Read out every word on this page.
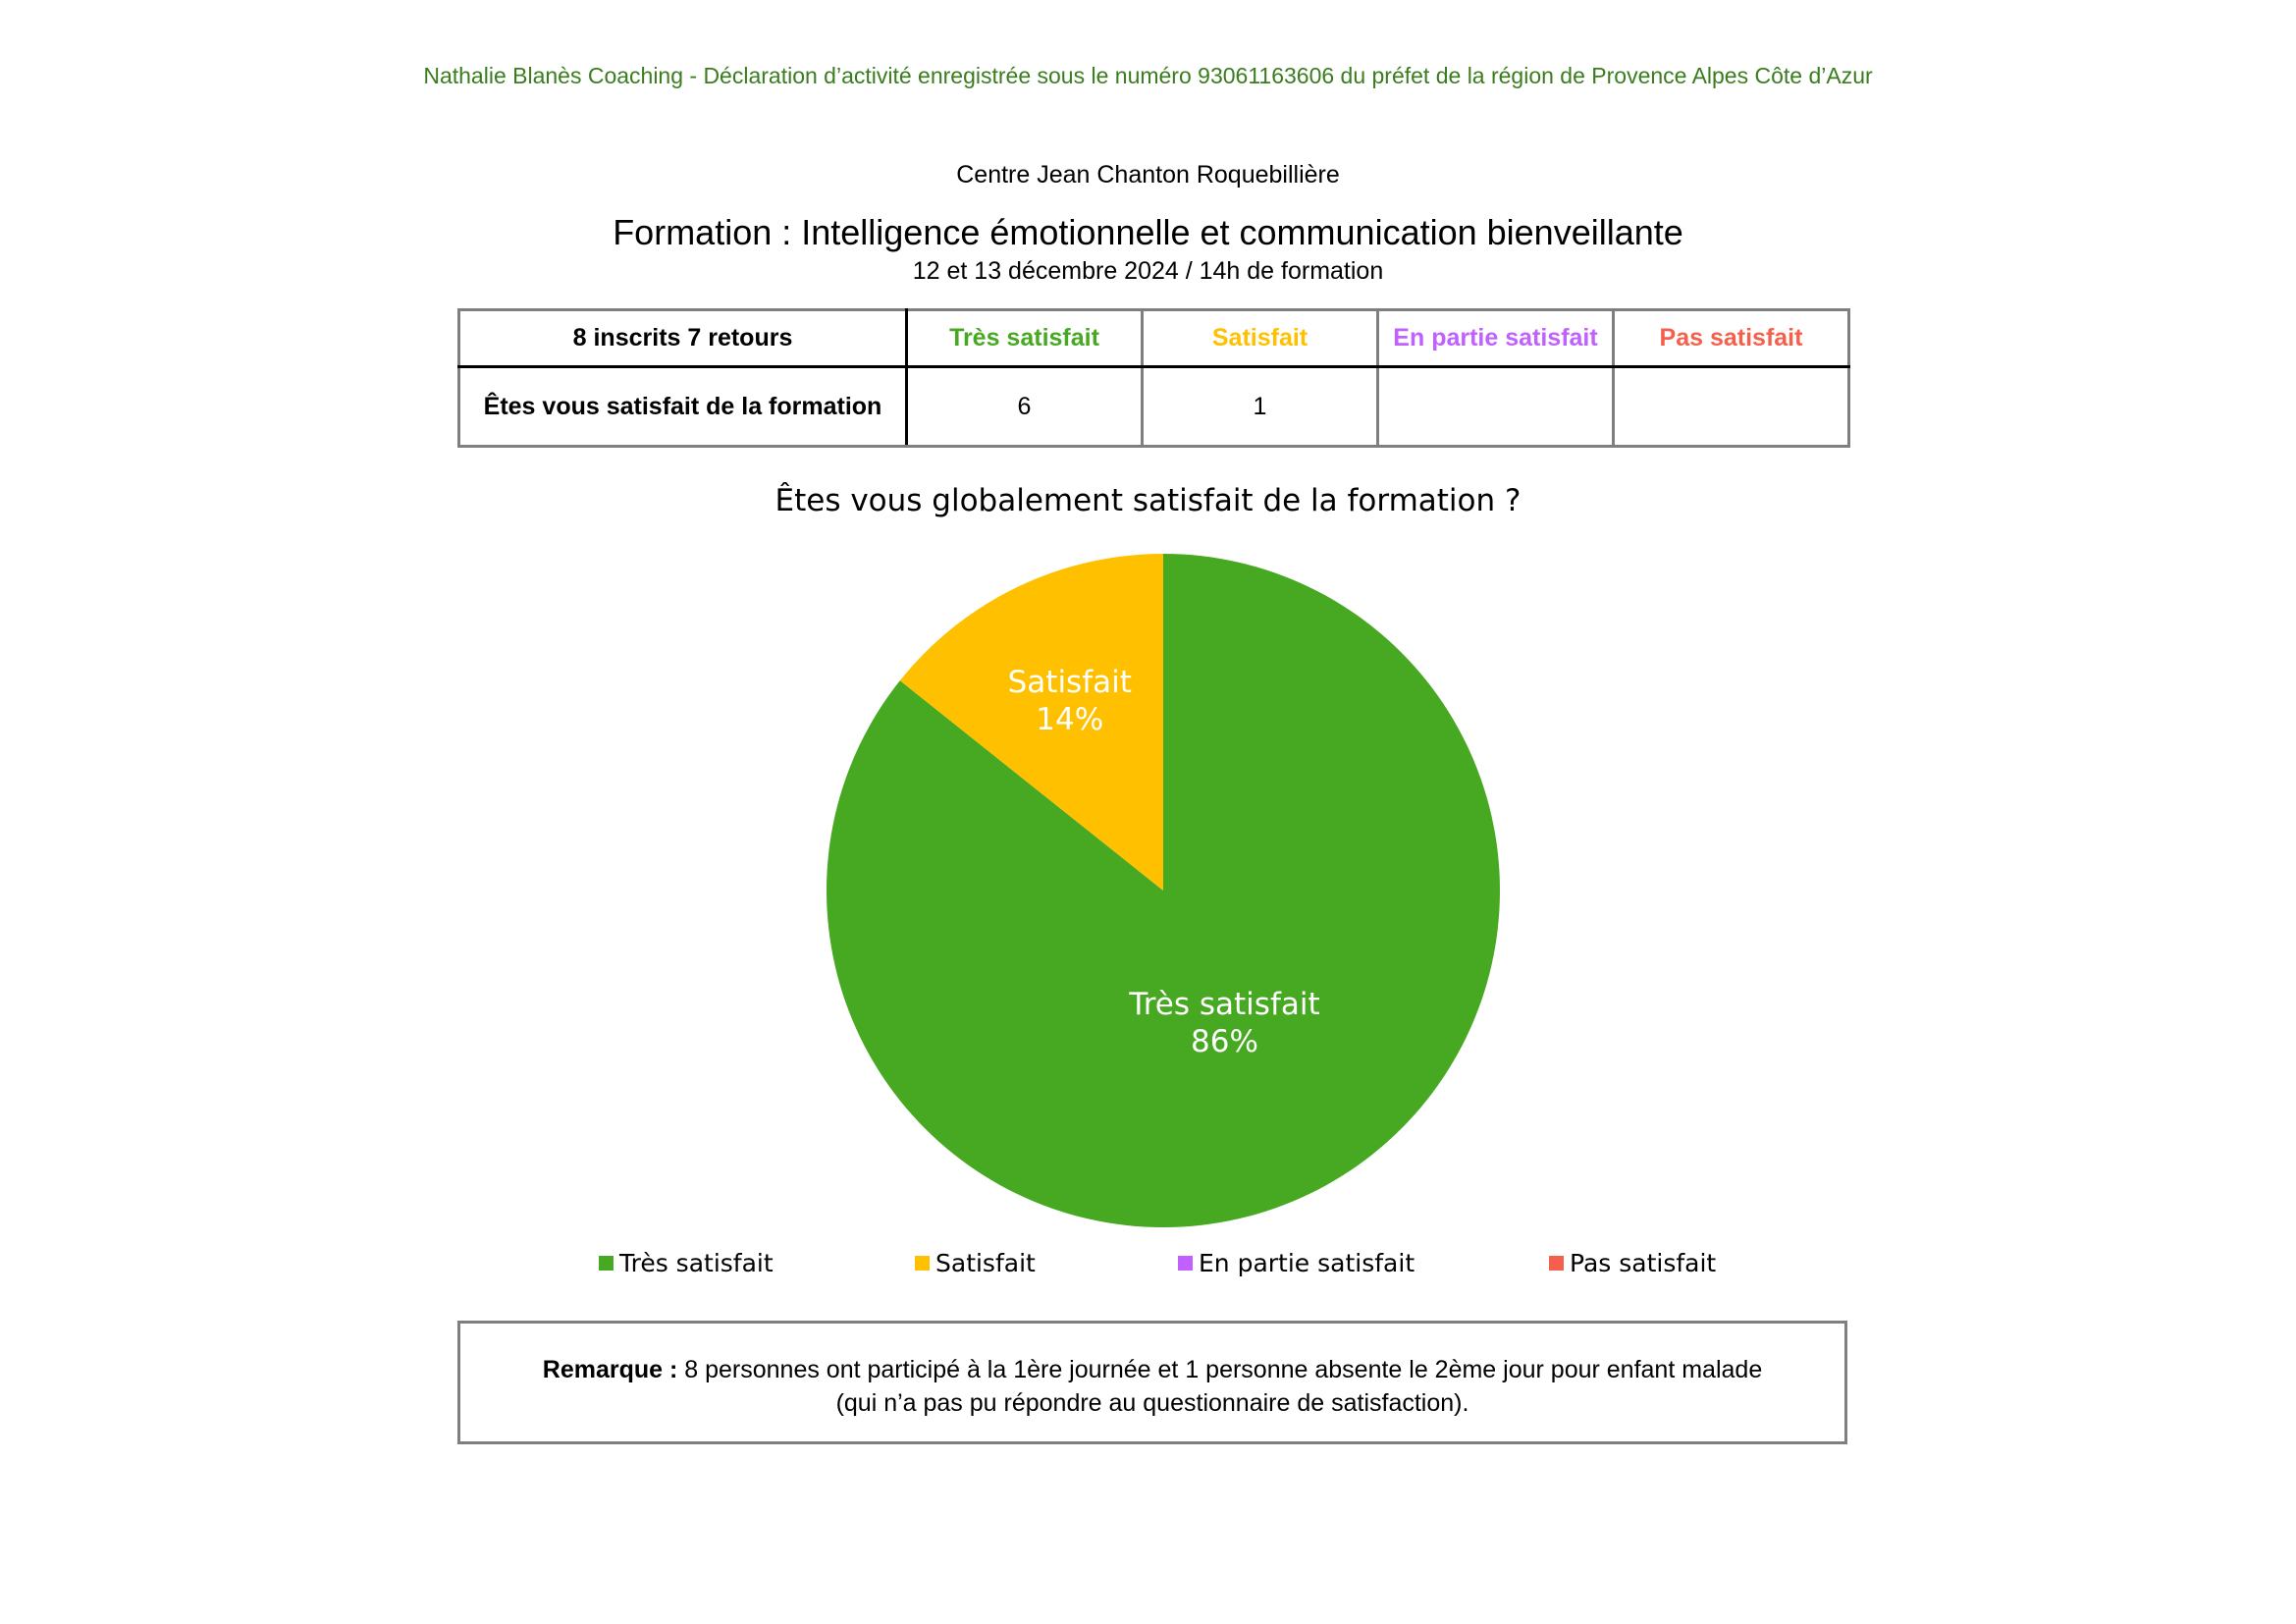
Nathalie Blanès Coaching - Déclaration d’activité enregistrée sous le numéro 93061163606 du préfet de la région de Provence Alpes Côte d’Azur
Centre Jean Chanton Roquebillière
Formation : Intelligence émotionnelle et communication bienveillante
12 et 13 décembre 2024 / 14h de formation
8 inscrits 7 retours	Très satisfait	Satisfait	En partie satisfait	Pas satisfait
Êtes vous satisfait de la formation	6	1		
Êtes vous globalement satisfait de la formation ?
Très satisfait
86%
Satisfait
14%
Très satisfait	Satisfait	En partie satisfait	Pas satisfait
Remarque : 8 personnes ont participé à la 1ère journée et 1 personne absente le 2ème jour pour enfant malade
(qui n’a pas pu répondre au questionnaire de satisfaction).
